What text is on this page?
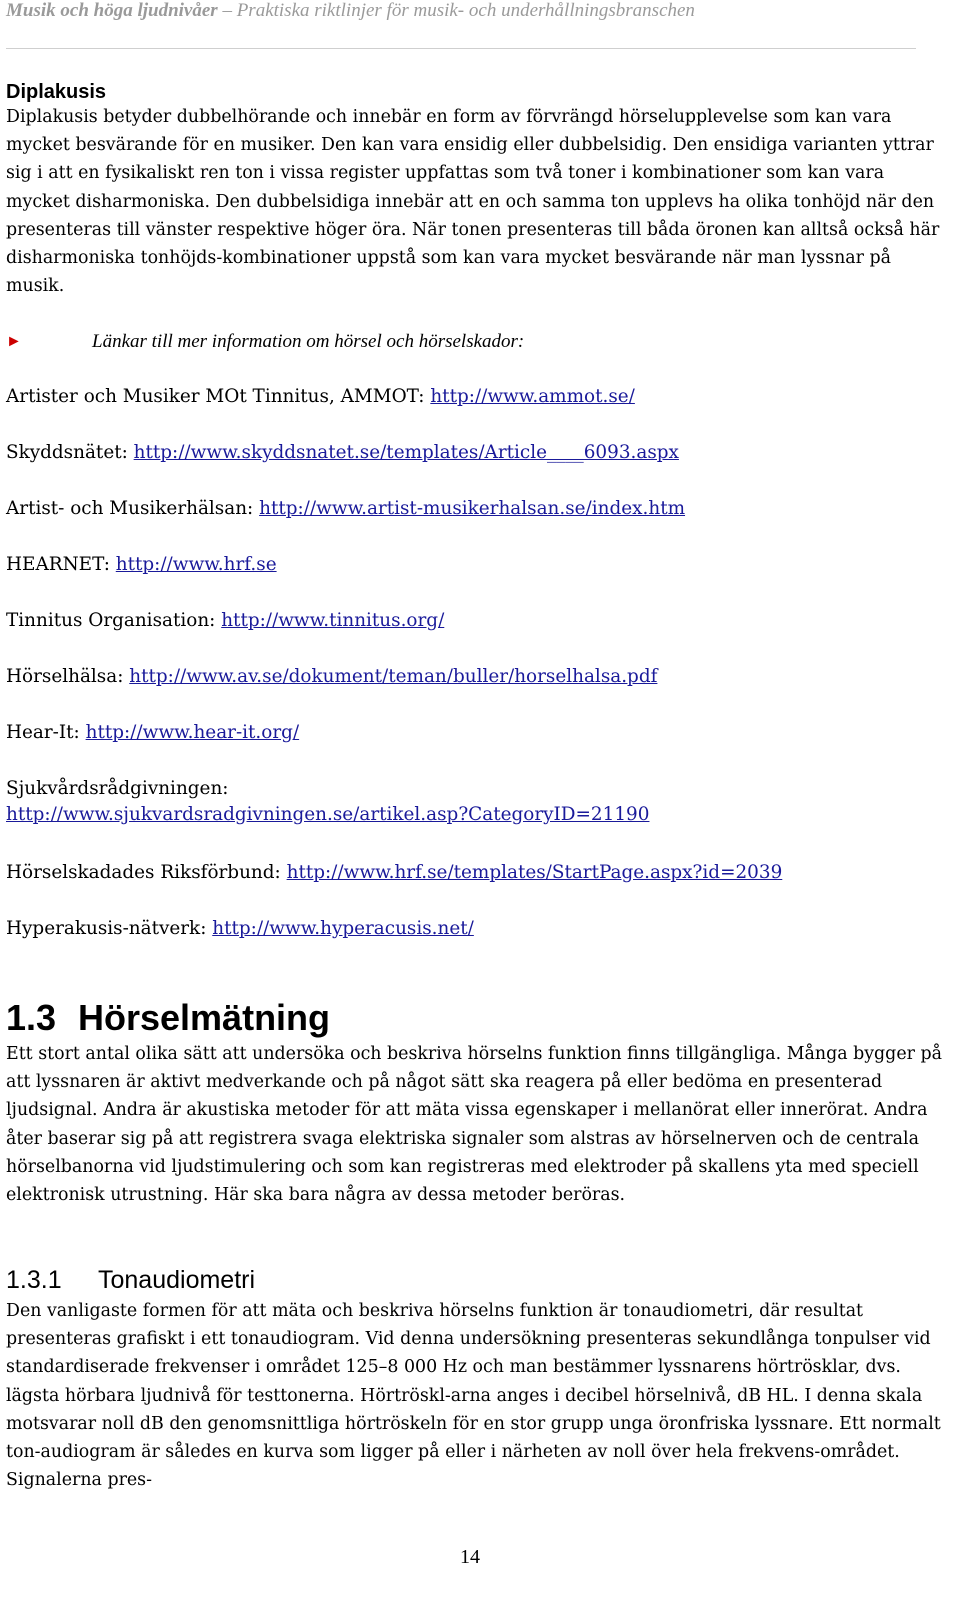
Musik och höga ljudnivåer – Praktiska riktlinjer för musik- och underhållningsbranschen
Diplakusis

Diplakusis betyder dubbelhörande och innebär en form av förvrängd hörselupplevelse som kan vara mycket besvärande för en musiker. Den kan vara ensidig eller dubbelsidig. Den ensidiga varianten yttrar sig i att en fysikaliskt ren ton i vissa register uppfattas som två toner i kombinationer som kan vara mycket disharmoniska. Den dubbelsidiga innebär att en och samma ton upplevs ha olika tonhöjd när den presenteras till vänster respektive höger öra. När tonen presenteras till båda öronen kan alltså också här disharmoniska tonhöjds-kombinationer uppstå som kan vara mycket besvärande när man lyssnar på musik.

►	Länkar till mer information om hörsel och hörselskador:
Artister och Musiker MOt Tinnitus, AMMOT: http://www.ammot.se/
Skyddsnätet: http://www.skyddsnatet.se/templates/Article____6093.aspx
Artist- och Musikerhälsan: http://www.artist-musikerhalsan.se/index.htm
HEARNET: http://www.hrf.se
Tinnitus Organisation: http://www.tinnitus.org/
Hörselhälsa: http://www.av.se/dokument/teman/buller/horselhalsa.pdf
Hear-It: http://www.hear-it.org/
Sjukvårdsrådgivningen:
http://www.sjukvardsradgivningen.se/artikel.asp?CategoryID=21190
Hörselskadades Riksförbund: http://www.hrf.se/templates/StartPage.aspx?id=2039
Hyperakusis-nätverk: http://www.hyperacusis.net/
1.3 Hörselmätning

Ett stort antal olika sätt att undersöka och beskriva hörselns funktion finns tillgängliga. Många bygger på att lyssnaren är aktivt medverkande och på något sätt ska reagera på eller bedöma en presenterad ljudsignal. Andra är akustiska metoder för att mäta vissa egenskaper i mellanörat eller innerörat. Andra åter baserar sig på att registrera svaga elektriska signaler som alstras av hörselnerven och de centrala hörselbanorna vid ljudstimulering och som kan registreras med elektroder på skallens yta med speciell elektronisk utrustning. Här ska bara några av dessa metoder beröras.

1.3.1 Tonaudiometri

Den vanligaste formen för att mäta och beskriva hörselns funktion är tonaudiometri, där resultat presenteras grafiskt i ett tonaudiogram. Vid denna undersökning presenteras sekundlånga tonpulser vid standardiserade frekvenser i området 125–8 000 Hz och man bestämmer lyssnarens hörtrösklar, dvs. lägsta hörbara ljudnivå för testtonerna. Hörtröskl-arna anges i decibel hörselnivå, dB HL. I denna skala motsvarar noll dB den genomsnittliga hörtröskeln för en stor grupp unga öronfriska lyssnare. Ett normalt ton-audiogram är således en kurva som ligger på eller i närheten av noll över hela frekvens-området. Signalerna pres-

14
